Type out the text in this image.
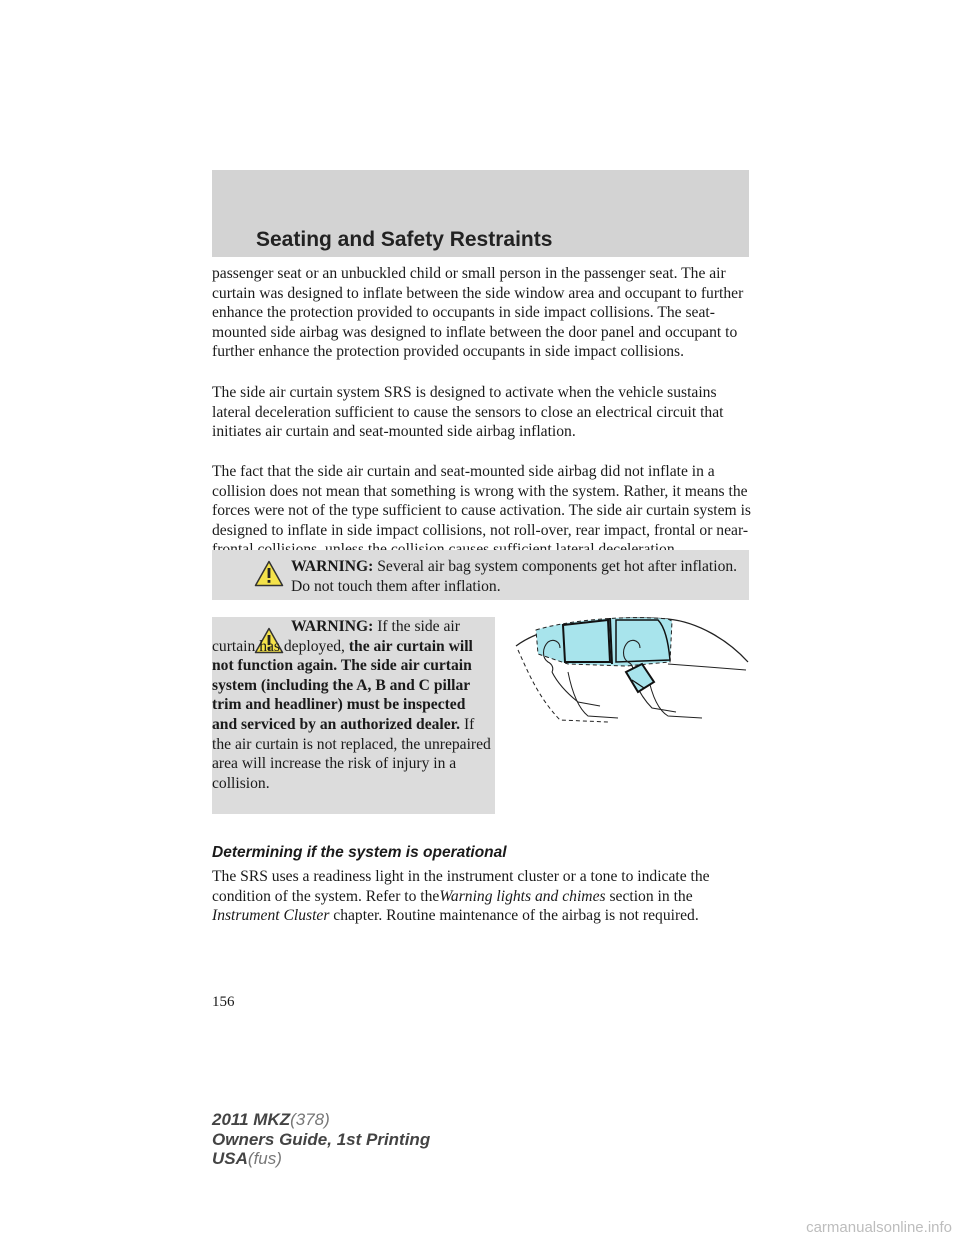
Seating and Safety Restraints

passenger seat or an unbuckled child or small person in the passenger seat. The air curtain was designed to inflate between the side window area and occupant to further enhance the protection provided to occupants in side impact collisions. The seat-mounted side airbag was designed to inflate between the door panel and occupant to further enhance the protection provided occupants in side impact collisions.

The side air curtain system SRS is designed to activate when the vehicle sustains lateral deceleration sufficient to cause the sensors to close an electrical circuit that initiates air curtain and seat-mounted side airbag inflation.

The fact that the side air curtain and seat-mounted side airbag did not inflate in a collision does not mean that something is wrong with the system. Rather, it means the forces were not of the type sufficient to cause activation. The side air curtain system is designed to inflate in side impact collisions, not roll-over, rear impact, frontal or near-

WARNING: Several air bag system components get hot after inflation. Do not touch them after inflation.

WARNING: If the side air curtain has deployed, the air curtain will not function again. The side air curtain system (including the A, B and C pillar trim and headliner) must be inspected and serviced by an authorized dealer. If the air curtain is not replaced, the unrepaired area will increase the risk of injury in a collision.

Determining if the system is operational

The SRS uses a readiness light in the instrument cluster or a tone to indicate the condition of the system. Refer to theWarning lights and chimes section in the Instrument Cluster chapter. Routine maintenance of the airbag is not required.

156

2011 MKZ(378)
Owners Guide, 1st Printing
USA(fus)
carmanualsonline.info
